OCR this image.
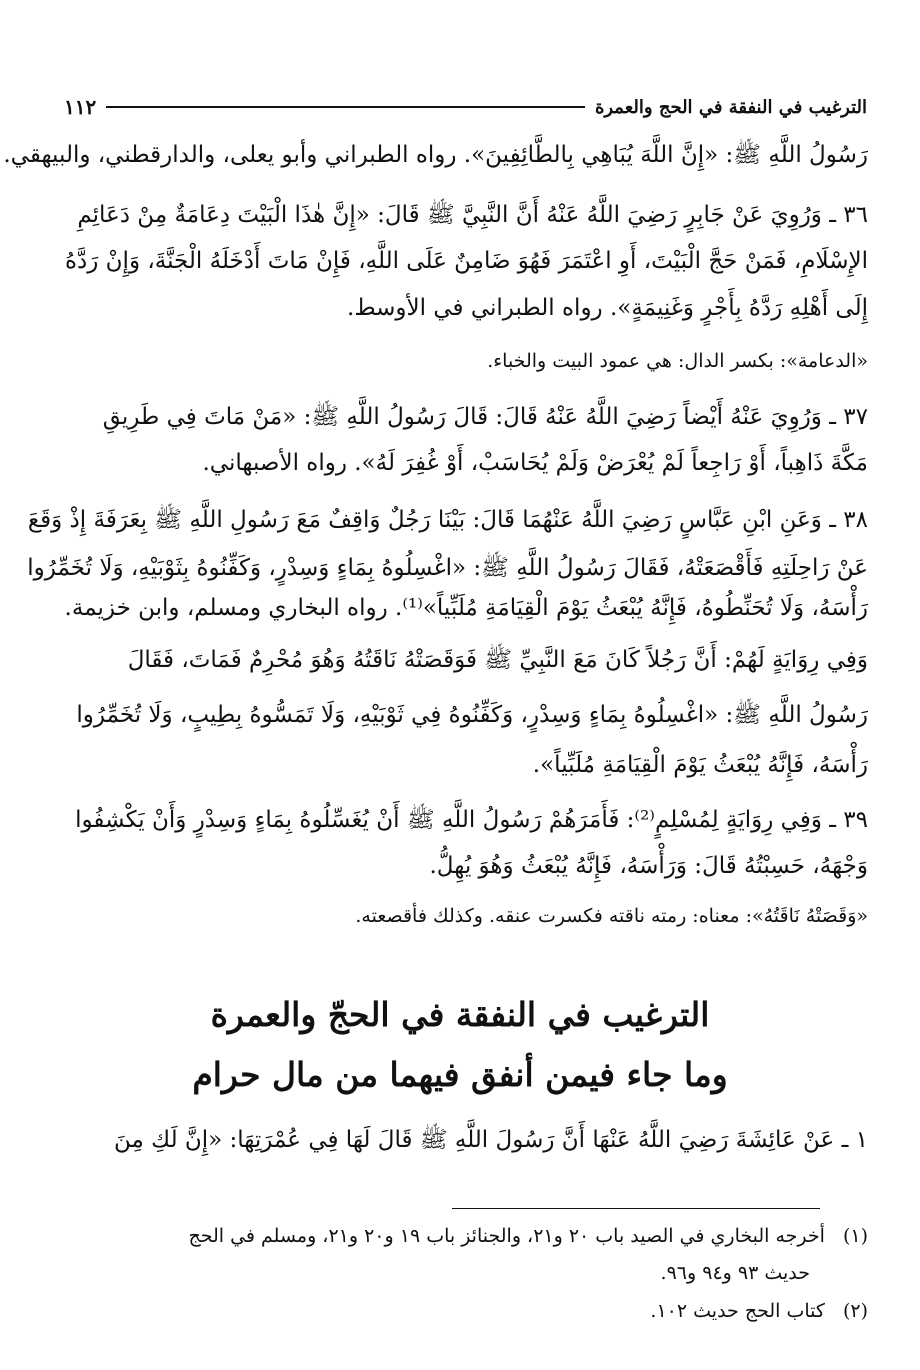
الترغيب في النفقة في الحج والعمرة
١١٢
رَسُولُ اللَّهِ ﷺ: «إِنَّ اللَّهَ يُبَاهِي بِالطَّائِفِينَ». رواه الطبراني وأبو يعلى، والدارقطني، والبيهقي.
٣٦ ـ وَرُوِيَ عَنْ جَابِرٍ رَضِيَ اللَّهُ عَنْهُ أَنَّ النَّبِيَّ ﷺ قَالَ: «إِنَّ هٰذَا الْبَيْتَ دِعَامَةٌ مِنْ دَعَائِمِ
الإِسْلَامِ، فَمَنْ حَجَّ الْبَيْتَ، أَوِ اعْتَمَرَ فَهُوَ ضَامِنٌ عَلَى اللَّهِ، فَإِنْ مَاتَ أَدْخَلَهُ الْجَنَّةَ، وَإِنْ رَدَّهُ
إِلَى أَهْلِهِ رَدَّهُ بِأَجْرٍ وَغَنِيمَةٍ». رواه الطبراني في الأوسط.
«الدعامة»: بكسر الدال: هي عمود البيت والخباء.
٣٧ ـ وَرُوِيَ عَنْهُ أَيْضاً رَضِيَ اللَّهُ عَنْهُ قَالَ: قَالَ رَسُولُ اللَّهِ ﷺ: «مَنْ مَاتَ فِي طَرِيقِ
مَكَّةَ ذَاهِباً، أَوْ رَاجِعاً لَمْ يُعْرَضْ وَلَمْ يُحَاسَبْ، أَوْ غُفِرَ لَهُ». رواه الأصبهاني.
٣٨ ـ وَعَنِ ابْنِ عَبَّاسٍ رَضِيَ اللَّهُ عَنْهُمَا قَالَ: بَيْنَا رَجُلٌ وَاقِفٌ مَعَ رَسُولِ اللَّهِ ﷺ بِعَرَفَةَ إِذْ وَقَعَ
عَنْ رَاحِلَتِهِ فَأَقْصَعَتْهُ، فَقَالَ رَسُولُ اللَّهِ ﷺ: «اغْسِلُوهُ بِمَاءٍ وَسِدْرٍ، وَكَفِّنُوهُ بِثَوْبَيْهِ، وَلَا تُخَمِّرُوا
رَأْسَهُ، وَلَا تُحَنِّطُوهُ، فَإِنَّهُ يُبْعَثُ يَوْمَ الْقِيَامَةِ مُلَبِّياً»⁽¹⁾. رواه البخاري ومسلم، وابن خزيمة.
وَفِي رِوَايَةٍ لَهُمْ: أَنَّ رَجُلاً كَانَ مَعَ النَّبِيِّ ﷺ فَوَقَصَتْهُ نَاقَتُهُ وَهُوَ مُحْرِمٌ فَمَاتَ، فَقَالَ
رَسُولُ اللَّهِ ﷺ: «اغْسِلُوهُ بِمَاءٍ وَسِدْرٍ، وَكَفِّنُوهُ فِي ثَوْبَيْهِ، وَلَا تَمَسُّوهُ بِطِيبٍ، وَلَا تُخَمِّرُوا
رَأْسَهُ، فَإِنَّهُ يُبْعَثُ يَوْمَ الْقِيَامَةِ مُلَبِّياً».
٣٩ ـ وَفِي رِوَايَةٍ لِمُسْلِمٍ⁽²⁾: فَأَمَرَهُمْ رَسُولُ اللَّهِ ﷺ أَنْ يُغَسِّلُوهُ بِمَاءٍ وَسِدْرٍ وَأَنْ يَكْشِفُوا
وَجْهَهُ، حَسِبْتُهُ قَالَ: وَرَأْسَهُ، فَإِنَّهُ يُبْعَثُ وَهُوَ يُهِلُّ.
«وَقَصَتْهُ نَاقَتُهُ»: معناه: رمته ناقته فكسرت عنقه. وكذلك فأقصعته.
الترغيب في النفقة في الحجّ والعمرة
وما جاء فيمن أنفق فيهما من مال حرام
١ ـ عَنْ عَائِشَةَ رَضِيَ اللَّهُ عَنْهَا أَنَّ رَسُولَ اللَّهِ ﷺ قَالَ لَهَا فِي عُمْرَتِهَا: «إِنَّ لَكِ مِنَ
(١)أخرجه البخاري في الصيد باب ٢٠ و٢١، والجنائز باب ١٩ و٢٠ و٢١، ومسلم في الحج
حديث ٩٣ و٩٤ و٩٦.
(٢)كتاب الحج حديث ١٠٢.
